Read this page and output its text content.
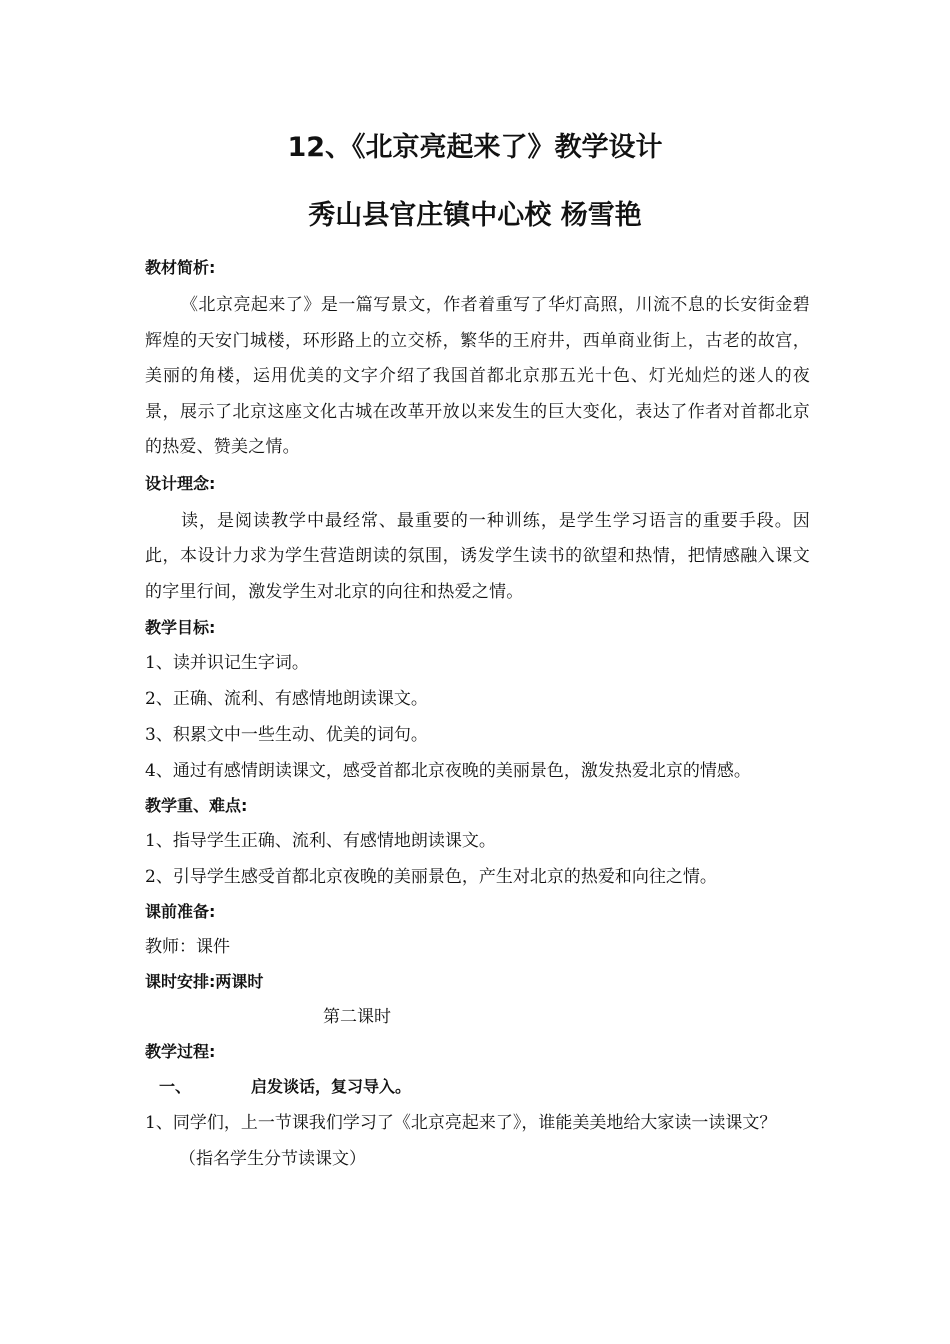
12、《北京亮起来了》教学设计
秀山县官庄镇中心校 杨雪艳
教材简析:

《北京亮起来了》是一篇写景文，作者着重写了华灯高照，川流不息的长安街金碧辉煌的天安门城楼，环形路上的立交桥，繁华的王府井，西单商业街上，古老的故宫，美丽的角楼，运用优美的文字介绍了我国首都北京那五光十色、灯光灿烂的迷人的夜景，展示了北京这座文化古城在改革开放以来发生的巨大变化，表达了作者对首都北京的热爱、赞美之情。

设计理念:

读，是阅读教学中最经常、最重要的一种训练，是学生学习语言的重要手段。因此，本设计力求为学生营造朗读的氛围，诱发学生读书的欲望和热情，把情感融入课文的字里行间，激发学生对北京的向往和热爱之情。

教学目标:
1、读并识记生字词。
2、正确、流利、有感情地朗读课文。
3、积累文中一些生动、优美的词句。
4、通过有感情朗读课文，感受首都北京夜晚的美丽景色，激发热爱北京的情感。
教学重、难点:
1、指导学生正确、流利、有感情地朗读课文。
2、引导学生感受首都北京夜晚的美丽景色，产生对北京的热爱和向往之情。
课前准备:
教师：课件
课时安排:两课时
第二课时
教学过程:
一、	启发谈话，复习导入。
1、同学们，上一节课我们学习了《北京亮起来了》，谁能美美地给大家读一读课文？
（指名学生分节读课文）
